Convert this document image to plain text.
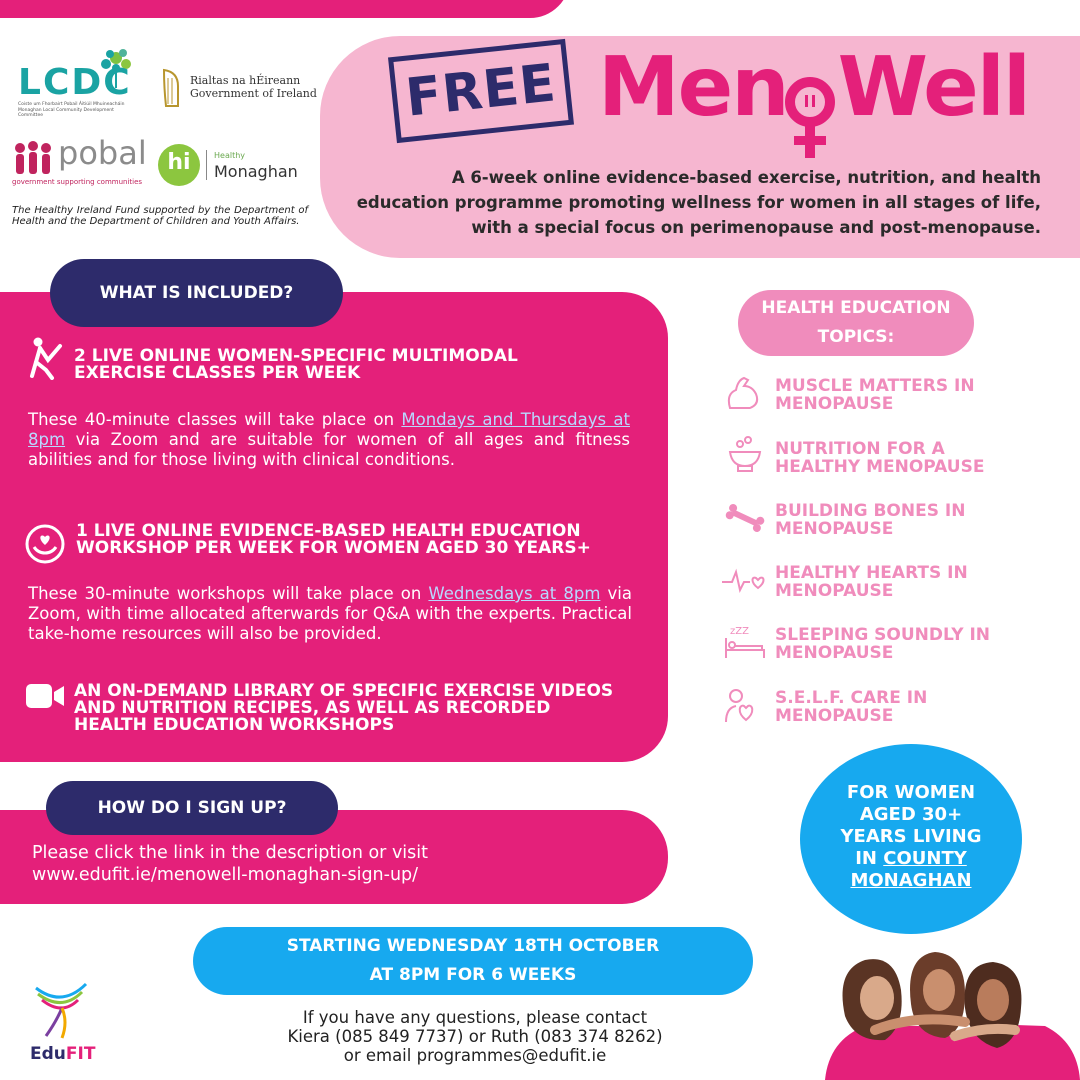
LCDC
Coiste um Fhorbairt Pobail Áitiúil Mhuineacháin Monaghan Local Community Development Committee
Rialtas na hÉireann
Government of Ireland
pobal
government supporting communities
hi	Healthy
Monaghan
The Healthy Ireland Fund supported by the Department of Health and the Department of Children and Youth Affairs.
FREE Men Well
A 6-week online evidence-based exercise, nutrition, and health education programme promoting wellness for women in all stages of life, with a special focus on perimenopause and post-menopause.
WHAT IS INCLUDED?
2 LIVE ONLINE WOMEN-SPECIFIC MULTIMODAL EXERCISE CLASSES PER WEEK
These 40-minute classes will take place on Mondays and Thursdays at 8pm via Zoom and are suitable for women of all ages and fitness abilities and for those living with clinical conditions.
1 LIVE ONLINE EVIDENCE-BASED HEALTH EDUCATION WORKSHOP PER WEEK FOR WOMEN AGED 30 YEARS+
These 30-minute workshops will take place on Wednesdays at 8pm via Zoom, with time allocated afterwards for Q&A with the experts. Practical take-home resources will also be provided.
AN ON-DEMAND LIBRARY OF SPECIFIC EXERCISE VIDEOS AND NUTRITION RECIPES, AS WELL AS RECORDED HEALTH EDUCATION WORKSHOPS
HOW DO I SIGN UP?
Please click the link in the description or visit
www.edufit.ie/menowell-monaghan-sign-up/
HEALTH EDUCATION
TOPICS:
MUSCLE MATTERS IN
MENOPAUSE
NUTRITION FOR A
HEALTHY MENOPAUSE
BUILDING BONES IN
MENOPAUSE
HEALTHY HEARTS IN
MENOPAUSE
zZZ SLEEPING SOUNDLY IN
MENOPAUSE
S.E.L.F. CARE IN
MENOPAUSE
FOR WOMEN
AGED 30+
YEARS LIVING
IN COUNTY
MONAGHAN
STARTING WEDNESDAY 18TH OCTOBER
AT 8PM FOR 6 WEEKS
If you have any questions, please contact
Kiera (085 849 7737) or Ruth (083 374 8262)
or email programmes@edufit.ie
EduFIT
